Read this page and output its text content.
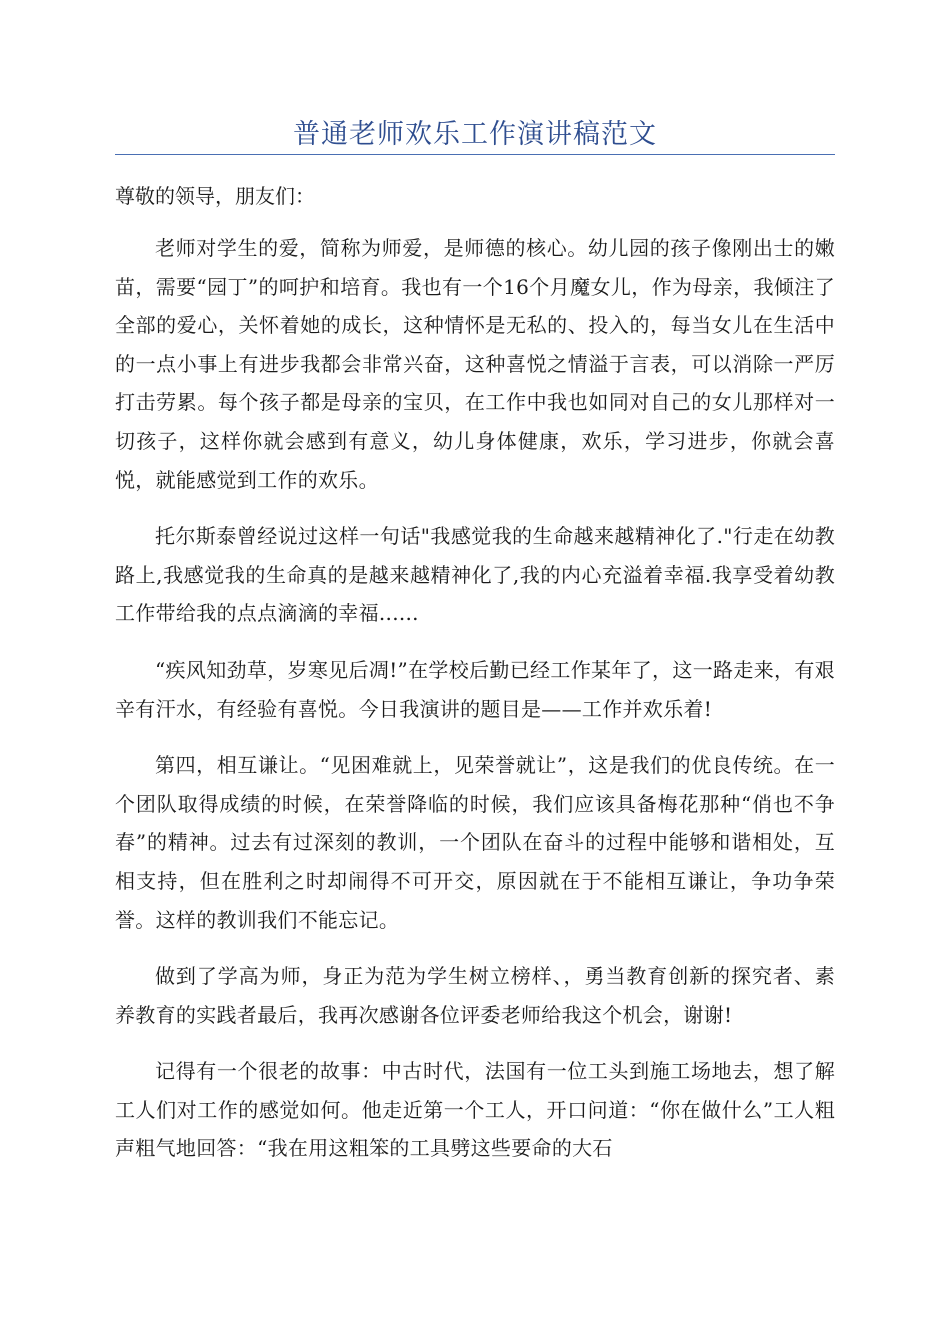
普通老师欢乐工作演讲稿范文
尊敬的领导，朋友们：

老师对学生的爱，简称为师爱，是师德的核心。幼儿园的孩子像刚出士的嫩苗，需要“园丁”的呵护和培育。我也有一个16个月魔女儿，作为母亲，我倾注了全部的爱心，关怀着她的成长，这种情怀是无私的、投入的，每当女儿在生活中的一点小事上有进步我都会非常兴奋，这种喜悦之情溢于言表，可以消除一严厉打击劳累。每个孩子都是母亲的宝贝，在工作中我也如同对自己的女儿那样对一切孩子，这样你就会感到有意义，幼儿身体健康，欢乐，学习进步，你就会喜悦，就能感觉到工作的欢乐。

托尔斯泰曾经说过这样一句话"我感觉我的生命越来越精神化了."行走在幼教路上,我感觉我的生命真的是越来越精神化了,我的内心充溢着幸福.我享受着幼教工作带给我的点点滴滴的幸福......

“疾风知劲草，岁寒见后凋!”在学校后勤已经工作某年了，这一路走来，有艰辛有汗水，有经验有喜悦。今日我演讲的题目是——工作并欢乐着!

第四，相互谦让。“见困难就上，见荣誉就让”，这是我们的优良传统。在一个团队取得成绩的时候，在荣誉降临的时候，我们应该具备梅花那种“俏也不争春”的精神。过去有过深刻的教训，一个团队在奋斗的过程中能够和谐相处，互相支持，但在胜利之时却闹得不可开交，原因就在于不能相互谦让，争功争荣誉。这样的教训我们不能忘记。

做到了学高为师，身正为范为学生树立榜样、，勇当教育创新的探究者、素养教育的实践者最后，我再次感谢各位评委老师给我这个机会，谢谢!

记得有一个很老的故事：中古时代，法国有一位工头到施工场地去，想了解工人们对工作的感觉如何。他走近第一个工人，开口问道：“你在做什么”工人粗声粗气地回答：“我在用这粗笨的工具劈这些要命的大石
